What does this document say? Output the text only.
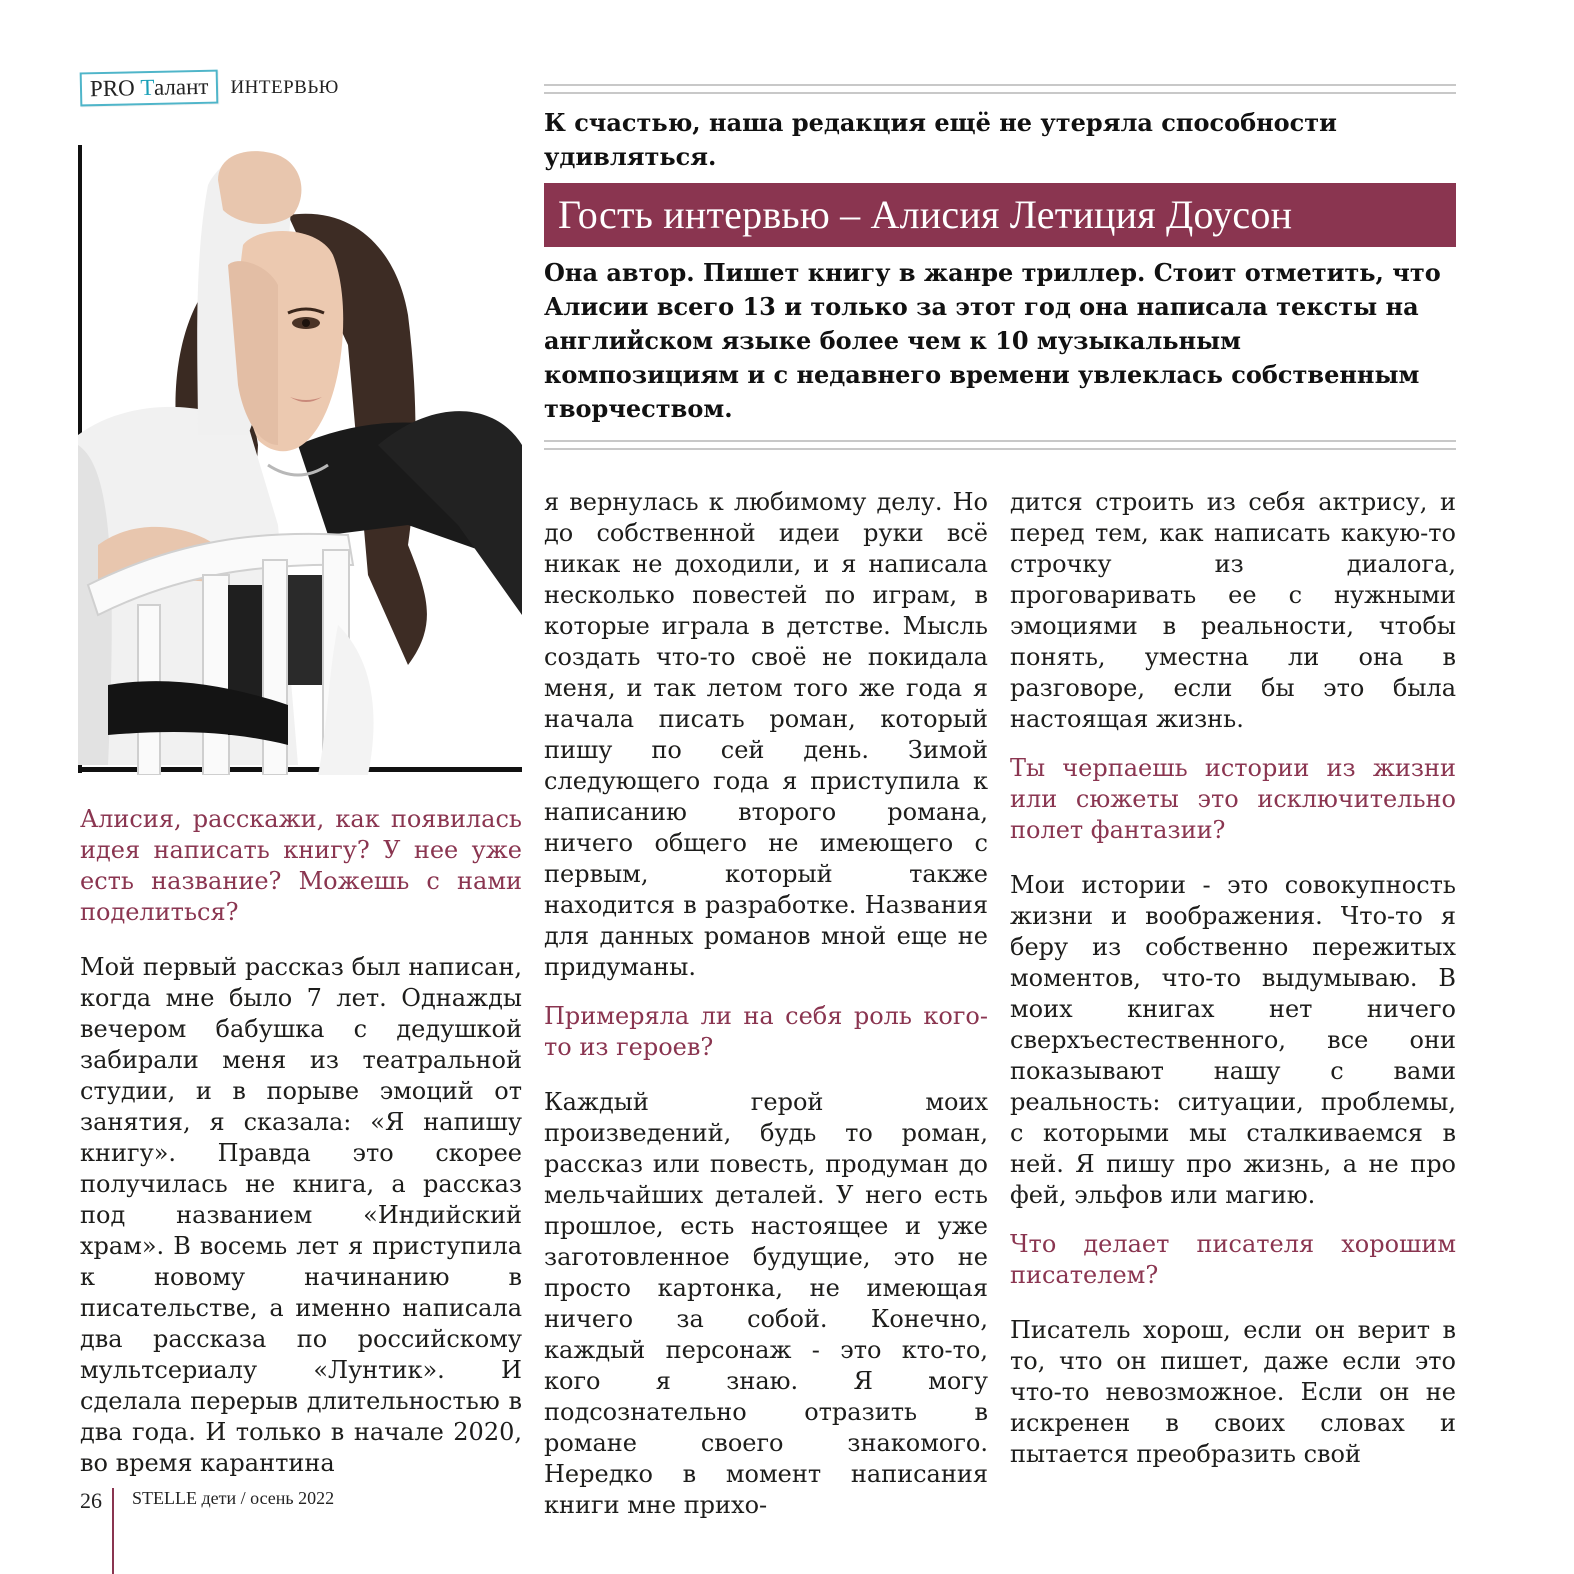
PRO Талант	ИНТЕРВЬЮ
К счастью, наша редакция ещё не утеряла способности удивляться.
Гость интервью – Алисия Летиция Доусон
Она автор. Пишет книгу в жанре триллер. Стоит отметить, что Алисии всего 13 и только за этот год она написала тексты на английском языке более чем к 10 музыкальным композициям и с недавнего времени увлеклась собственным творчеством.

Алисия, расскажи, как появилась идея написать книгу? У нее уже есть название? Можешь с нами поделиться?

Мой первый рассказ был написан, когда мне было 7 лет. Однажды вечером бабушка с дедушкой забирали меня из театральной студии, и в порыве эмоций от занятия, я сказала: «Я напишу книгу». Правда это скорее получилась не книга, а рассказ под названием «Индийский храм». В восемь лет я приступила к новому начинанию в писательстве, а именно написала два рассказа по российскому мультсериалу «Лунтик». И сделала перерыв длительностью в два года. И только в начале 2020, во время карантина

я вернулась к любимому делу. Но до собственной идеи руки всё никак не доходили, и я написала несколько повестей по играм, в которые играла в детстве. Мысль создать что-то своё не покидала меня, и так летом того же года я начала писать роман, который пишу по сей день. Зимой следующего года я приступила к написанию второго романа, ничего общего не имеющего с первым, который также находится в разработке. Названия для данных романов мной еще не придуманы.

Примеряла ли на себя роль кого-то из героев?

Каждый герой моих произведений, будь то роман, рассказ или повесть, продуман до мельчайших деталей. У него есть прошлое, есть настоящее и уже заготовленное будущие, это не просто картонка, не имеющая ничего за собой. Конечно, каждый персонаж - это кто-то, кого я знаю. Я могу подсознательно отразить в романе своего знакомого. Нередко в момент написания книги мне прихо-

дится строить из себя актрису, и перед тем, как написать какую-то строчку из диалога, проговаривать ее с нужными эмоциями в реальности, чтобы понять, уместна ли она в разговоре, если бы это была настоящая жизнь.

Ты черпаешь истории из жизни или сюжеты это исключительно полет фантазии?

Мои истории - это совокупность жизни и воображения. Что-то я беру из собственно пережитых моментов, что-то выдумываю. В моих книгах нет ничего сверхъестественного, все они показывают нашу с вами реальность: ситуации, проблемы, с которыми мы сталкиваемся в ней. Я пишу про жизнь, а не про фей, эльфов или магию.

Что делает писателя хорошим писателем?

Писатель хорош, если он верит в то, что он пишет, даже если это что-то невозможное. Если он не искренен в своих словах и пытается преобразить свой

26 STELLE дети / осень 2022
